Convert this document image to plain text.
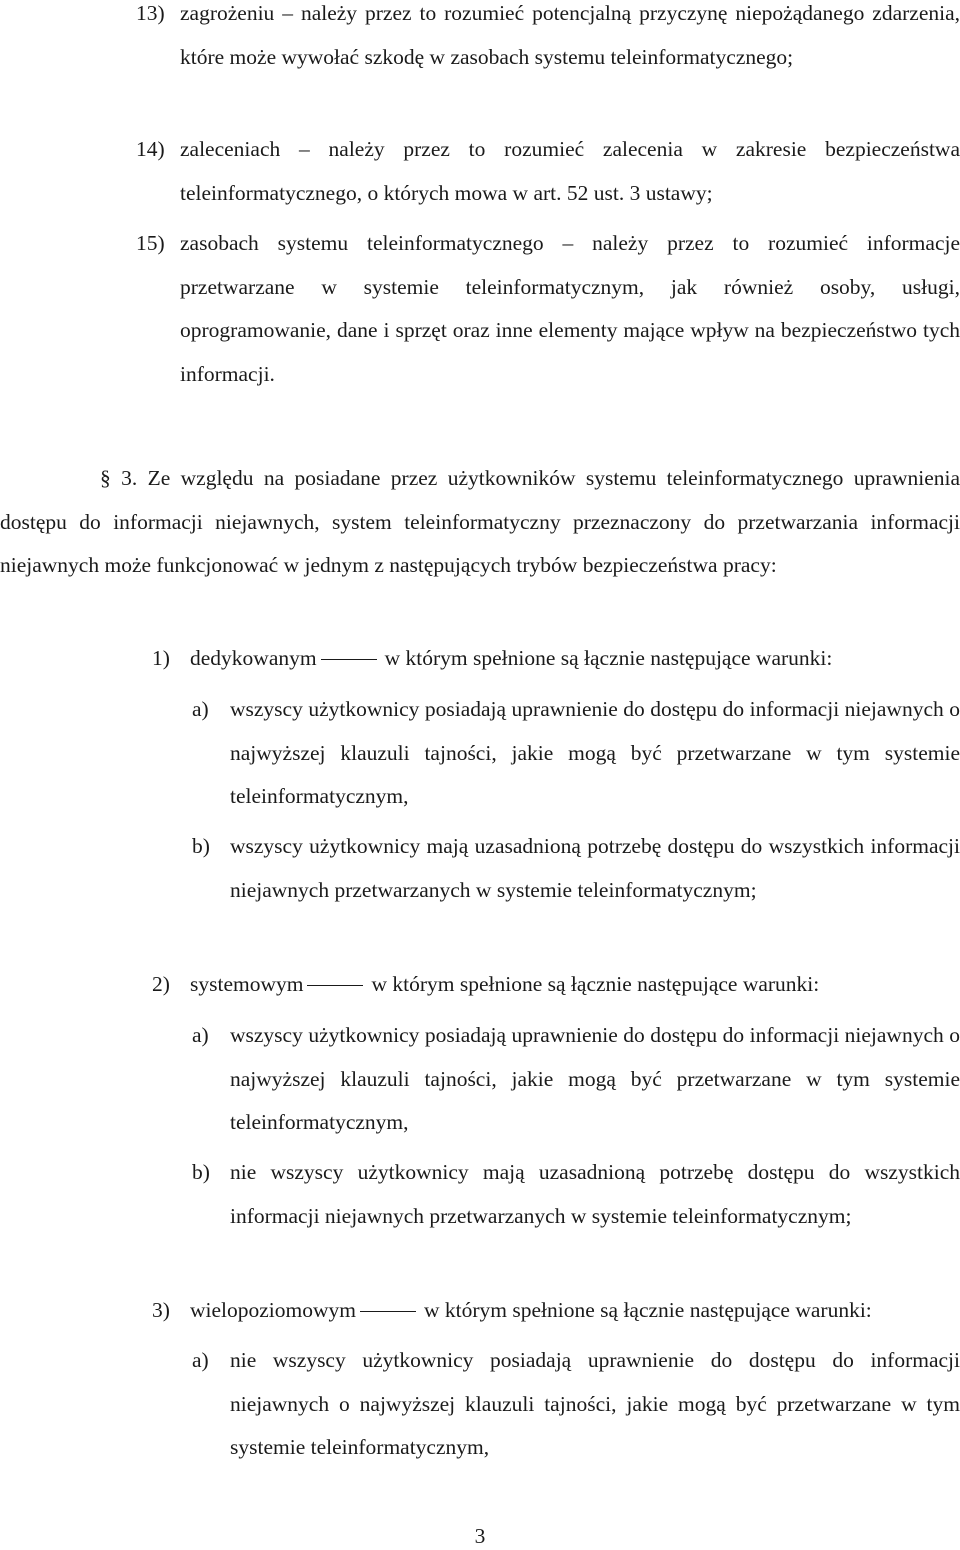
13) zagrożeniu – należy przez to rozumieć potencjalną przyczynę niepożądanego zdarzenia, które może wywołać szkodę w zasobach systemu teleinformatycznego;
14) zaleceniach – należy przez to rozumieć zalecenia w zakresie bezpieczeństwa teleinformatycznego, o których mowa w art. 52 ust. 3 ustawy;
15) zasobach systemu teleinformatycznego – należy przez to rozumieć informacje przetwarzane w systemie teleinformatycznym, jak również osoby, usługi, oprogramowanie, dane i sprzęt oraz inne elementy mające wpływ na bezpieczeństwo tych informacji.
§ 3. Ze względu na posiadane przez użytkowników systemu teleinformatycznego uprawnienia dostępu do informacji niejawnych, system teleinformatyczny przeznaczony do przetwarzania informacji niejawnych może funkcjonować w jednym z następujących trybów bezpieczeństwa pracy:
1) dedykowanym	w którym spełnione są łącznie następujące warunki:
a) wszyscy użytkownicy posiadają uprawnienie do dostępu do informacji niejawnych o najwyższej klauzuli tajności, jakie mogą być przetwarzane w tym systemie teleinformatycznym,
b) wszyscy użytkownicy mają uzasadnioną potrzebę dostępu do wszystkich informacji niejawnych przetwarzanych w systemie teleinformatycznym;
2) systemowym	w którym spełnione są łącznie następujące warunki:
a) wszyscy użytkownicy posiadają uprawnienie do dostępu do informacji niejawnych o najwyższej klauzuli tajności, jakie mogą być przetwarzane w tym systemie teleinformatycznym,
b) nie wszyscy użytkownicy mają uzasadnioną potrzebę dostępu do wszystkich informacji niejawnych przetwarzanych w systemie teleinformatycznym;
3) wielopoziomowym	w którym spełnione są łącznie następujące warunki:
a) nie wszyscy użytkownicy posiadają uprawnienie do dostępu do informacji niejawnych o najwyższej klauzuli tajności, jakie mogą być przetwarzane w tym systemie teleinformatycznym,
3
